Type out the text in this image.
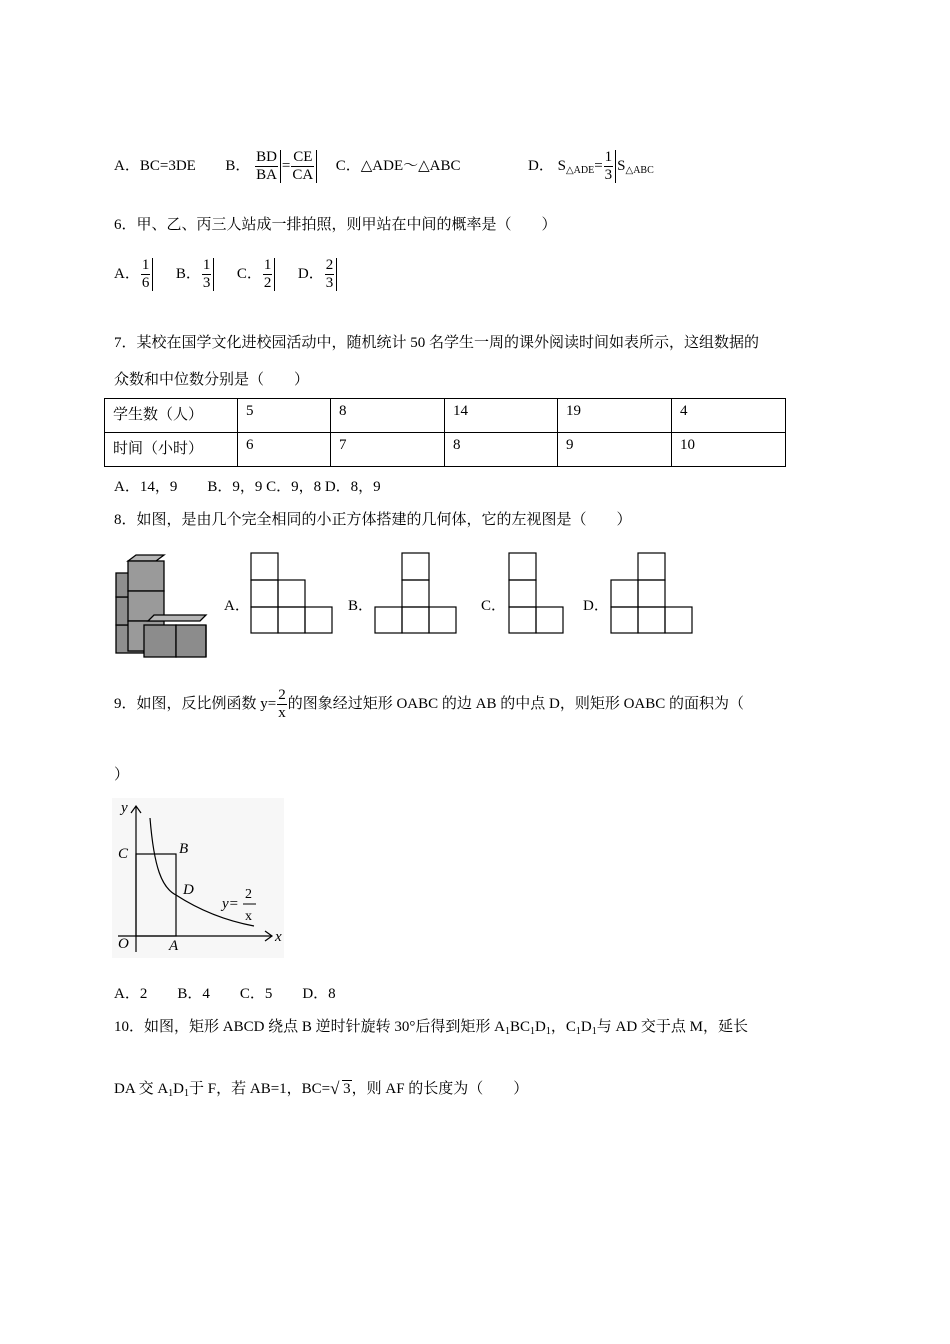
A．BC=3DE B． $\frac{BD}{BA} = \frac{CE}{CA}$ C．△ADE～△ABC	D． $S_{\triangle ADE}= \frac{1}{3} S_{\triangle ABC}$
6．甲、乙、丙三人站成一排拍照，则甲站在中间的概率是（　　）
A． $\frac{1}{6}$ B． $\frac{1}{3}$ C． $\frac{1}{2}$ D． $\frac{2}{3}$
7．某校在国学文化进校园活动中，随机统计 50 名学生一周的课外阅读时间如表所示，这组数据的
众数和中位数分别是（　　）
学生数（人）	5	8	14	19	4
时间（小时）	6	7	8	9	10
A．14，9　　B．9，9 C．9，8 D．8，9
8．如图，是由几个完全相同的小正方体搭建的几何体，它的左视图是（　　）
A．	B．	C．	D．
9．如图，反比例函数 $y= \frac{2}{x}$ 的图象经过矩形 OABC 的边 AB 的中点 D，则矩形 OABC 的面积为（
）
y
x
O	A
B
C
D
y=
2
x
A．2　　B．4　　C．5　　D．8
10．如图，矩形 ABCD 绕点 B 逆时针旋转 30°后得到矩形 $A_1BC_1D_1$，$C_1D_1$与 AD 交于点 M，延长
DA 交 $A_1D_1$于 F，若 AB=1，BC= √ 3，则 AF 的长度为（　　）
